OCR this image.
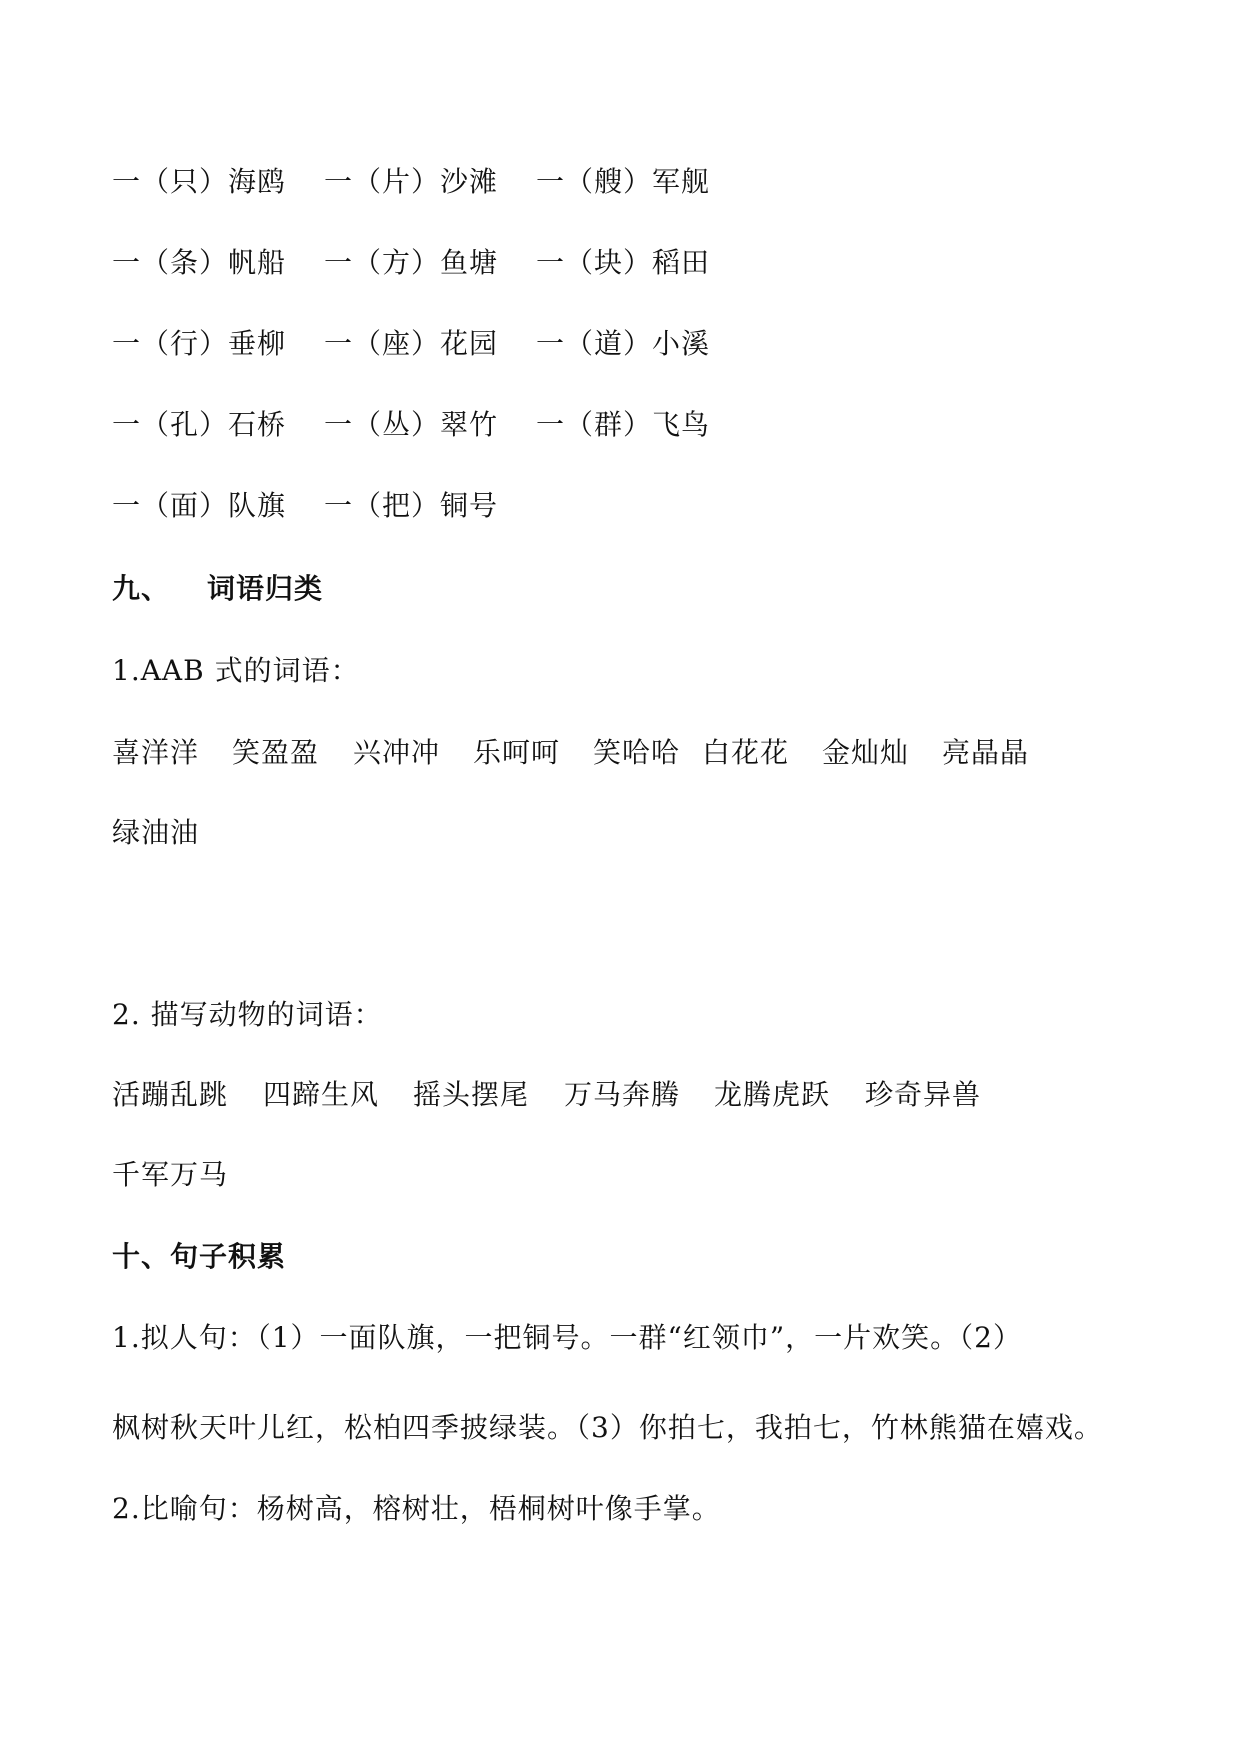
一（只）海鸥 一（片）沙滩 一（艘）军舰
一（条）帆船 一（方）鱼塘 一（块）稻田
一（行）垂柳 一（座）花园 一（道）小溪
一（孔）石桥 一（丛）翠竹 一（群）飞鸟
一（面）队旗 一（把）铜号
九、 词语归类
1.AAB 式的词语：
喜洋洋 笑盈盈 兴冲冲 乐呵呵 笑哈哈 白花花 金灿灿 亮晶晶
绿油油
2. 描写动物的词语：
活蹦乱跳 四蹄生风 摇头摆尾 万马奔腾 龙腾虎跃 珍奇异兽
千军万马
十、句子积累
1.拟人句：（1）一面队旗，一把铜号。一群“红领巾”，一片欢笑。（2）
枫树秋天叶儿红，松柏四季披绿装。（3）你拍七，我拍七，竹林熊猫在嬉戏。
2.比喻句：杨树高，榕树壮，梧桐树叶像手掌。
